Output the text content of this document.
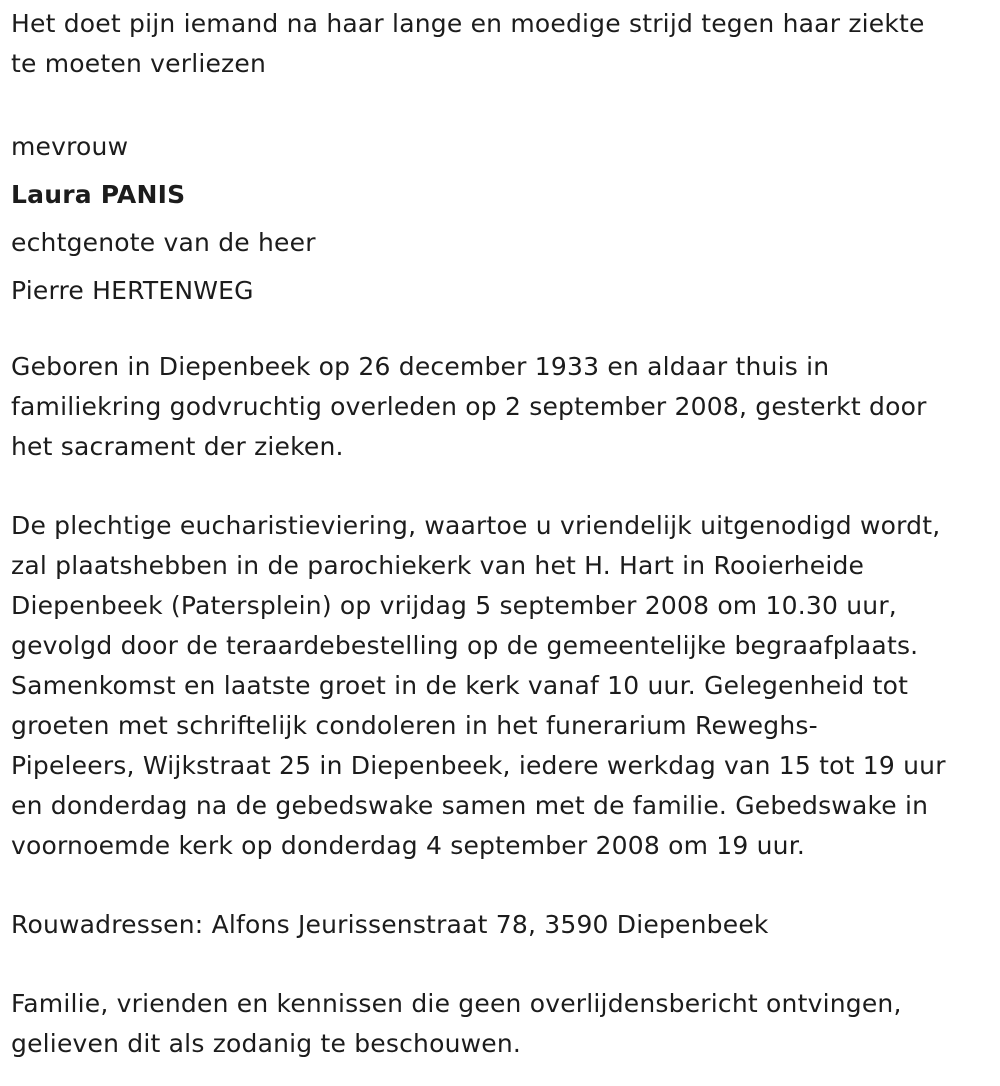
Het doet pijn iemand na haar lange en moedige strijd tegen haar ziekte
te moeten verliezen
mevrouw
Laura PANIS
echtgenote van de heer
Pierre HERTENWEG
Geboren in Diepenbeek op 26 december 1933 en aldaar thuis in
familiekring godvruchtig overleden op 2 september 2008, gesterkt door
het sacrament der zieken.
De plechtige eucharistieviering, waartoe u vriendelijk uitgenodigd wordt,
zal plaatshebben in de parochiekerk van het H. Hart in Rooierheide
Diepenbeek (Patersplein) op vrijdag 5 september 2008 om 10.30 uur,
gevolgd door de teraardebestelling op de gemeentelijke begraafplaats.
Samenkomst en laatste groet in de kerk vanaf 10 uur. Gelegenheid tot
groeten met schriftelijk condoleren in het funerarium Reweghs-
Pipeleers, Wijkstraat 25 in Diepenbeek, iedere werkdag van 15 tot 19 uur
en donderdag na de gebedswake samen met de familie. Gebedswake in
voornoemde kerk op donderdag 4 september 2008 om 19 uur.
Rouwadressen: Alfons Jeurissenstraat 78, 3590 Diepenbeek
Familie, vrienden en kennissen die geen overlijdensbericht ontvingen,
gelieven dit als zodanig te beschouwen.
